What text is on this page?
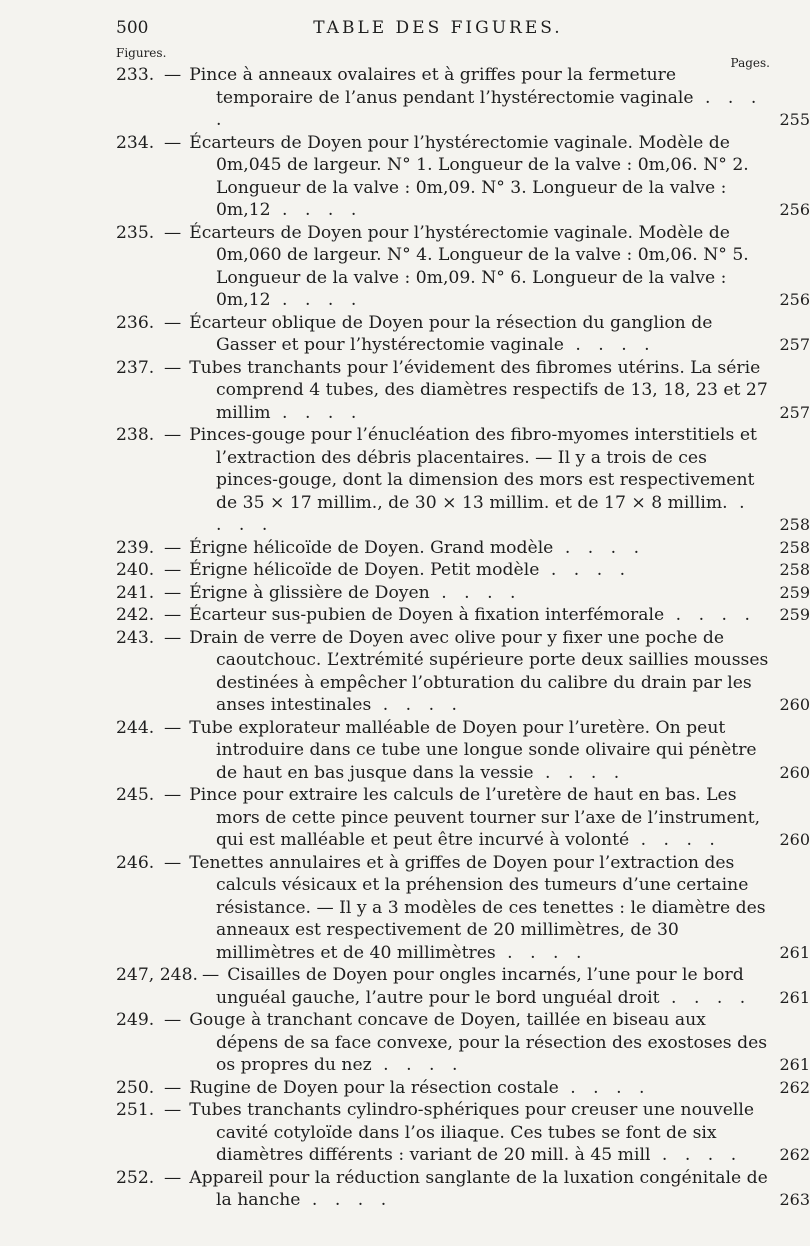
500	TABLE DES FIGURES.
Figures.
Pages.
233. — Pince à anneaux ovalaires et à griffes pour la fermeture temporaire de l’anus pendant l’hystérectomie vaginale . . . .	255
234. — Écarteurs de Doyen pour l’hystérectomie vaginale. Modèle de 0m,045 de largeur. N° 1. Longueur de la valve : 0m,06. N° 2. Longueur de la valve : 0m,09. N° 3. Longueur de la valve : 0m,12 . . . .	256
235. — Écarteurs de Doyen pour l’hystérectomie vaginale. Modèle de 0m,060 de largeur. N° 4. Longueur de la valve : 0m,06. N° 5. Longueur de la valve : 0m,09. N° 6. Longueur de la valve : 0m,12 . . . .	256
236. — Écarteur oblique de Doyen pour la résection du ganglion de Gasser et pour l’hystérectomie vaginale . . . .	257
237. — Tubes tranchants pour l’évidement des fibromes utérins. La série comprend 4 tubes, des diamètres respectifs de 13, 18, 23 et 27 millim . . . .	257
238. — Pinces-gouge pour l’énucléation des fibro-myomes interstitiels et l’extraction des débris placentaires. — Il y a trois de ces pinces-gouge, dont la dimension des mors est respectivement de 35 × 17 millim., de 30 × 13 millim. et de 17 × 8 millim. . . . .	258
239. — Érigne hélicoïde de Doyen. Grand modèle . . . .	258
240. — Érigne hélicoïde de Doyen. Petit modèle . . . .	258
241. — Érigne à glissière de Doyen . . . .	259
242. — Écarteur sus-pubien de Doyen à fixation interfémorale . . . .	259
243. — Drain de verre de Doyen avec olive pour y fixer une poche de caoutchouc. L’extrémité supérieure porte deux saillies mousses destinées à empêcher l’obturation du calibre du drain par les anses intestinales . . . .	260
244. — Tube explorateur malléable de Doyen pour l’uretère. On peut introduire dans ce tube une longue sonde olivaire qui pénètre de haut en bas jusque dans la vessie . . . .	260
245. — Pince pour extraire les calculs de l’uretère de haut en bas. Les mors de cette pince peuvent tourner sur l’axe de l’instrument, qui est malléable et peut être incurvé à volonté . . . .	260
246. — Tenettes annulaires et à griffes de Doyen pour l’extraction des calculs vésicaux et la préhension des tumeurs d’une certaine résistance. — Il y a 3 modèles de ces tenettes : le diamètre des anneaux est respectivement de 20 millimètres, de 30 millimètres et de 40 millimètres . . . .	261
247, 248. — Cisailles de Doyen pour ongles incarnés, l’une pour le bord unguéal gauche, l’autre pour le bord unguéal droit . . . .	261
249. — Gouge à tranchant concave de Doyen, taillée en biseau aux dépens de sa face convexe, pour la résection des exostoses des os propres du nez . . . .	261
250. — Rugine de Doyen pour la résection costale . . . .	262
251. — Tubes tranchants cylindro-sphériques pour creuser une nouvelle cavité cotyloïde dans l’os iliaque. Ces tubes se font de six diamètres différents : variant de 20 mill. à 45 mill . . . .	262
252. — Appareil pour la réduction sanglante de la luxation congénitale de la hanche . . . .	263
